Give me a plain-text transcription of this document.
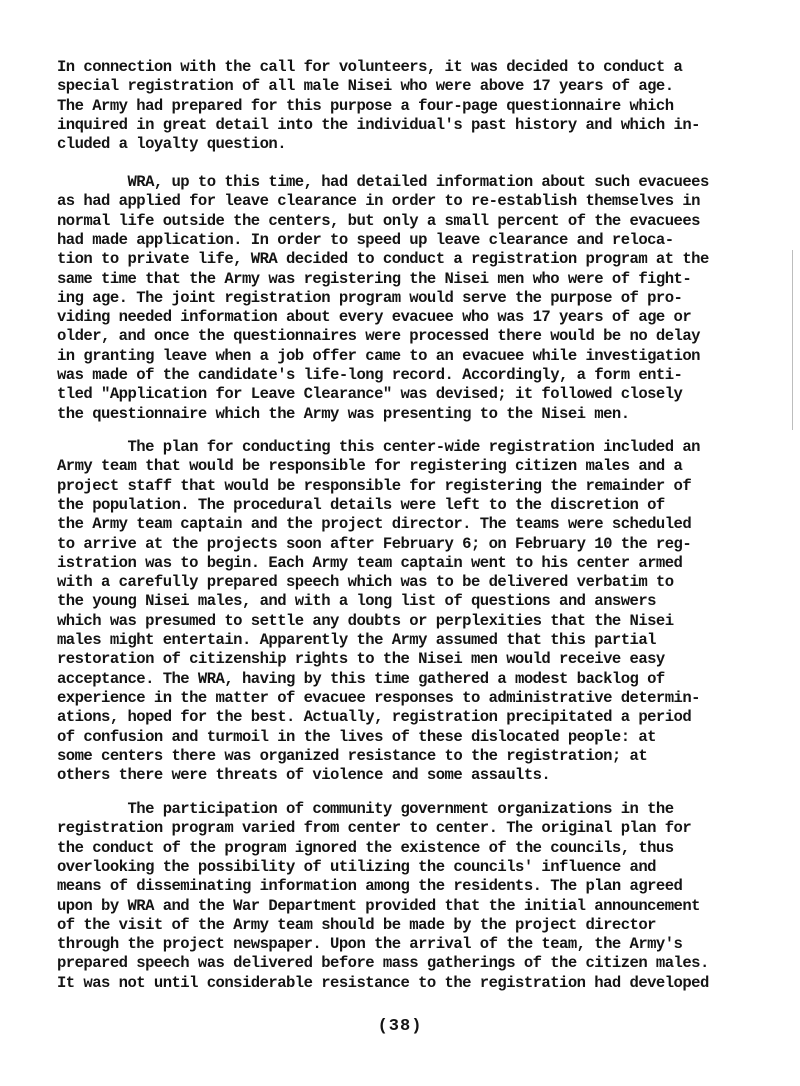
In connection with the call for volunteers, it was decided to conduct a
special registration of all male Nisei who were above 17 years of age.
The Army had prepared for this purpose a four-page questionnaire which
inquired in great detail into the individual's past history and which in-
cluded a loyalty question.
WRA, up to this time, had detailed information about such evacuees
as had applied for leave clearance in order to re-establish themselves in
normal life outside the centers, but only a small percent of the evacuees
had made application. In order to speed up leave clearance and reloca-
tion to private life, WRA decided to conduct a registration program at the
same time that the Army was registering the Nisei men who were of fight-
ing age. The joint registration program would serve the purpose of pro-
viding needed information about every evacuee who was 17 years of age or
older, and once the questionnaires were processed there would be no delay
in granting leave when a job offer came to an evacuee while investigation
was made of the candidate's life-long record. Accordingly, a form enti-
tled "Application for Leave Clearance" was devised; it followed closely
the questionnaire which the Army was presenting to the Nisei men.
The plan for conducting this center-wide registration included an
Army team that would be responsible for registering citizen males and a
project staff that would be responsible for registering the remainder of
the population. The procedural details were left to the discretion of
the Army team captain and the project director. The teams were scheduled
to arrive at the projects soon after February 6; on February 10 the reg-
istration was to begin. Each Army team captain went to his center armed
with a carefully prepared speech which was to be delivered verbatim to
the young Nisei males, and with a long list of questions and answers
which was presumed to settle any doubts or perplexities that the Nisei
males might entertain. Apparently the Army assumed that this partial
restoration of citizenship rights to the Nisei men would receive easy
acceptance. The WRA, having by this time gathered a modest backlog of
experience in the matter of evacuee responses to administrative determin-
ations, hoped for the best. Actually, registration precipitated a period
of confusion and turmoil in the lives of these dislocated people: at
some centers there was organized resistance to the registration; at
others there were threats of violence and some assaults.
The participation of community government organizations in the
registration program varied from center to center. The original plan for
the conduct of the program ignored the existence of the councils, thus
overlooking the possibility of utilizing the councils' influence and
means of disseminating information among the residents. The plan agreed
upon by WRA and the War Department provided that the initial announcement
of the visit of the Army team should be made by the project director
through the project newspaper. Upon the arrival of the team, the Army's
prepared speech was delivered before mass gatherings of the citizen males.
It was not until considerable resistance to the registration had developed
(38)
